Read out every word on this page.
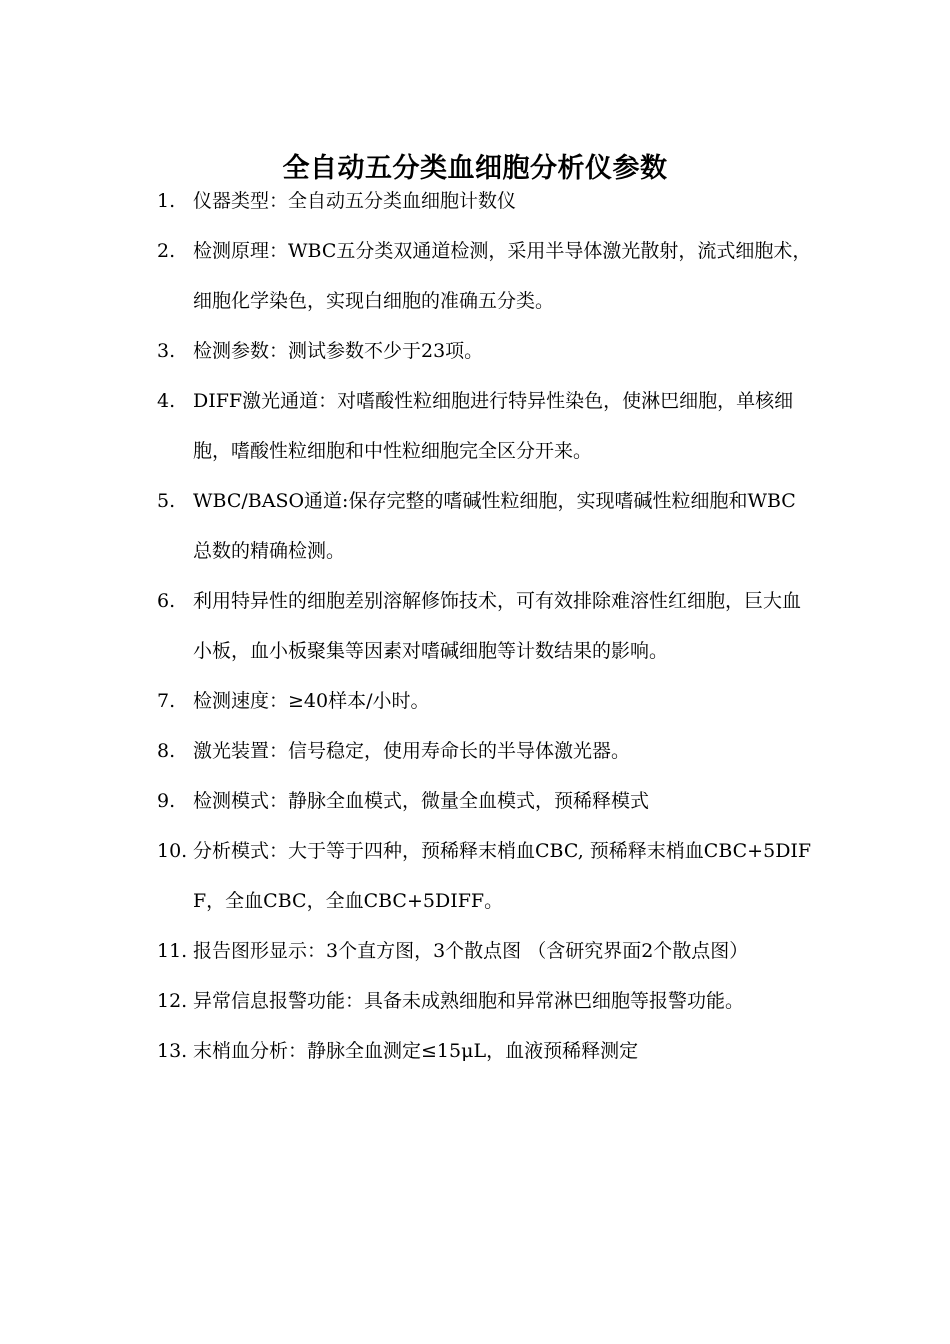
全自动五分类血细胞分析仪参数
1. 仪器类型：全自动五分类血细胞计数仪
2. 检测原理：WBC五分类双通道检测，采用半导体激光散射，流式细胞术，细胞化学染色，实现白细胞的准确五分类。
3. 检测参数：测试参数不少于23项。
4. DIFF激光通道：对嗜酸性粒细胞进行特异性染色，使淋巴细胞，单核细胞，嗜酸性粒细胞和中性粒细胞完全区分开来。
5. WBC/BASO通道:保存完整的嗜碱性粒细胞，实现嗜碱性粒细胞和WBC总数的精确检测。
6. 利用特异性的细胞差别溶解修饰技术，可有效排除难溶性红细胞，巨大血小板，血小板聚集等因素对嗜碱细胞等计数结果的影响。
7. 检测速度：≥40样本/小时。
8. 激光装置：信号稳定，使用寿命长的半导体激光器。
9. 检测模式：静脉全血模式，微量全血模式，预稀释模式
10. 分析模式：大于等于四种，预稀释末梢血CBC, 预稀释末梢血CBC+5DIFF，全血CBC，全血CBC+5DIFF。
11. 报告图形显示：3个直方图，3个散点图 （含研究界面2个散点图）
12. 异常信息报警功能：具备未成熟细胞和异常淋巴细胞等报警功能。
13. 末梢血分析：静脉全血测定≤15μL，血液预稀释测定
